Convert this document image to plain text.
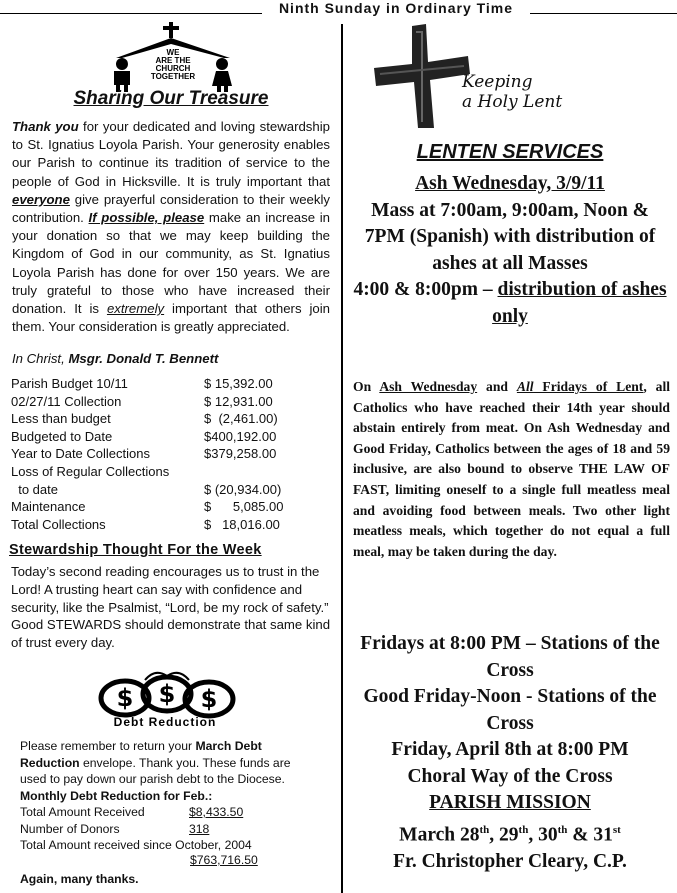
Ninth Sunday in Ordinary Time
WE
ARE THE
CHURCH
TOGETHER
Sharing Our Treasure
Thank you for your dedicated and loving stewardship to St. Ignatius Loyola Parish. Your generosity enables our Parish to continue its tradition of service to the people of God in Hicksville. It is truly important that everyone give prayerful consideration to their weekly contribution. If possible, please make an increase in your donation so that we may keep building the Kingdom of God in our community, as St. Ignatius Loyola Parish has done for over 150 years. We are truly grateful to those who have increased their donation. It is extremely important that others join them. Your consideration is greatly appreciated.
In Christ, Msgr. Donald T. Bennett
Parish Budget 10/11	$ 15,392.00
02/27/11 Collection	$ 12,931.00
Less than budget	$  (2,461.00)
Budgeted to Date	$400,192.00
Year to Date Collections	$379,258.00
Loss of Regular Collections
to date	$ (20,934.00)
Maintenance	$      5,085.00
Total Collections	$   18,016.00
Stewardship Thought For the Week
Today’s second reading encourages us to trust in the Lord! A trusting heart can say with confidence and security, like the Psalmist, “Lord, be my rock of safety.” Good STEWARDS should demonstrate that same kind of trust every day.
$ $ $
Debt Reduction
Please remember to return your March Debt Reduction envelope. Thank you. These funds are used to pay down our parish debt to the Diocese. Monthly Debt Reduction for Feb.:
Total Amount Received	$8,433.50
Number of Donors	318
Total Amount received since October, 2004
$763,716.50
Again, many thanks.
Keeping
a Holy Lent
LENTEN SERVICES
Ash Wednesday, 3/9/11
Mass at 7:00am, 9:00am, Noon & 7PM (Spanish) with distribution of ashes at all Masses
4:00 & 8:00pm – distribution of ashes only
On Ash Wednesday and All Fridays of Lent, all Catholics who have reached their 14th year should abstain entirely from meat. On Ash Wednesday and Good Friday, Catholics between the ages of 18 and 59 inclusive, are also bound to observe THE LAW OF FAST, limiting oneself to a single full meatless meal and avoiding food between meals. Two other light meatless meals, which together do not equal a full meal, may be taken during the day.
Fridays at 8:00 PM – Stations of the Cross
Good Friday-Noon - Stations of the Cross
Friday, April 8th at 8:00 PM
Choral Way of the Cross
PARISH MISSION
March 28th, 29th, 30th & 31st
Fr. Christopher Cleary, C.P.
